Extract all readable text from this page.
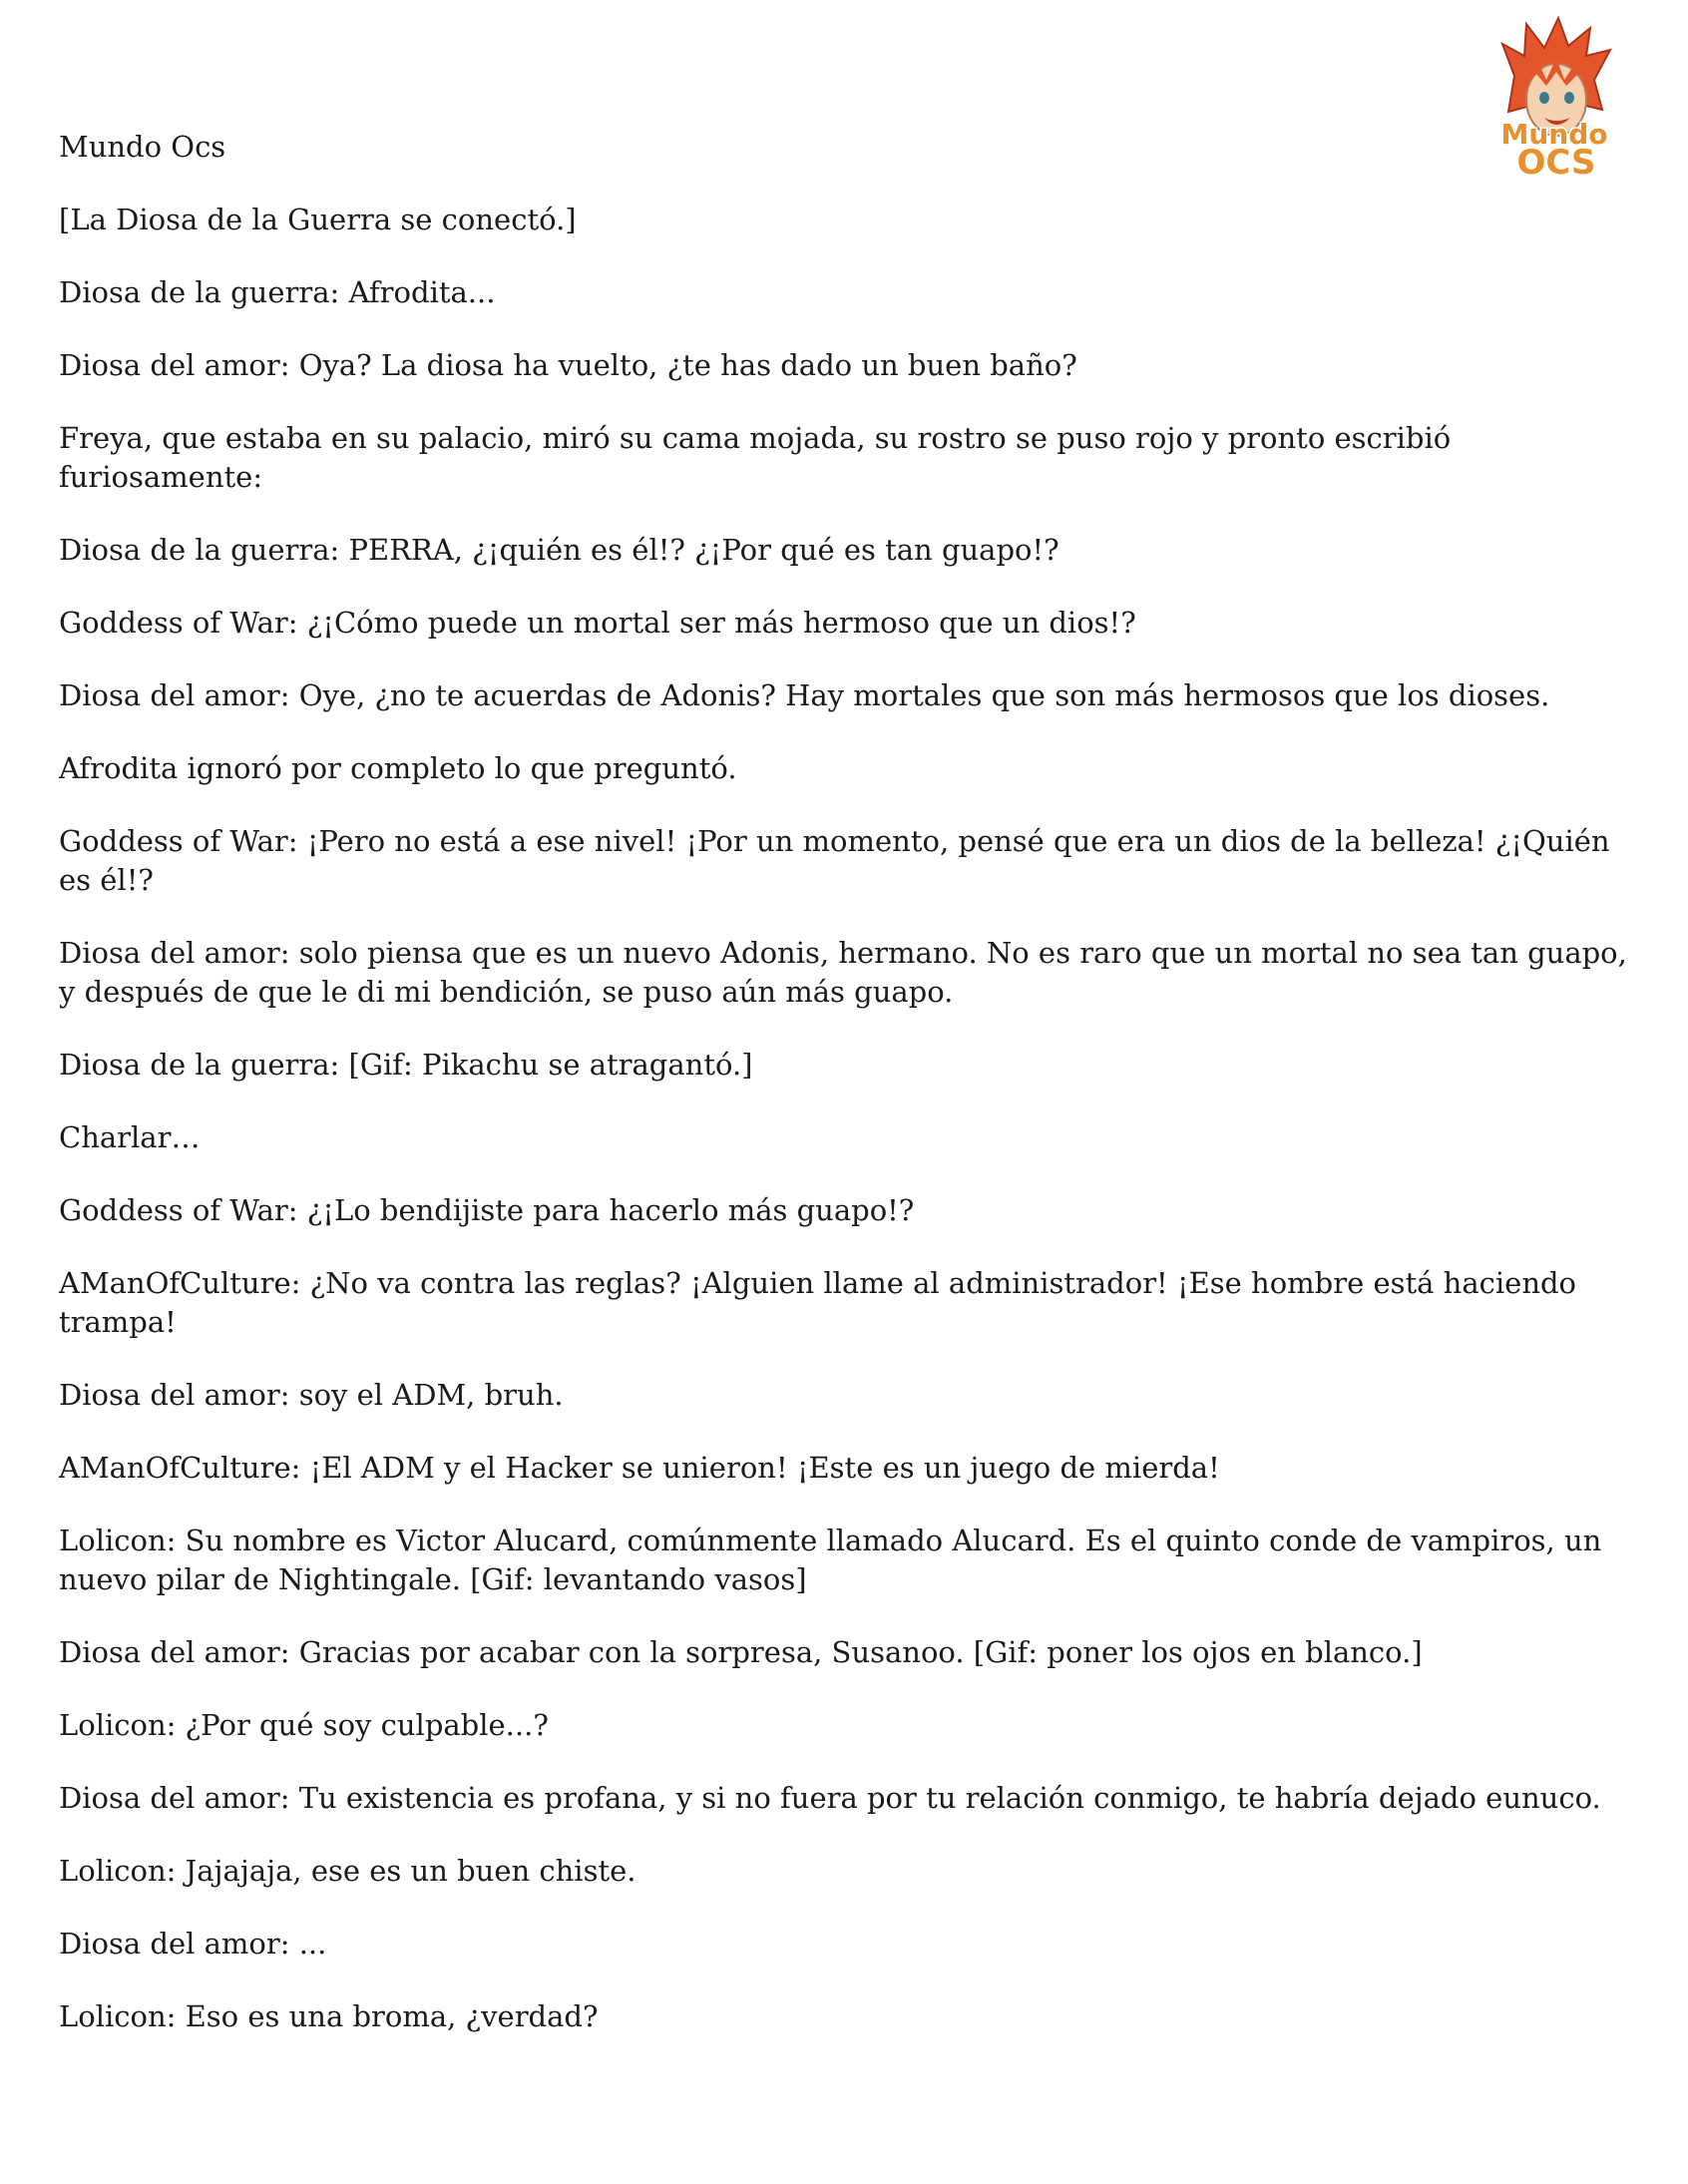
Mundo
OCS

Mundo Ocs

[La Diosa de la Guerra se conectó.]

Diosa de la guerra: Afrodita...

Diosa del amor: Oya? La diosa ha vuelto, ¿te has dado un buen baño?

Freya, que estaba en su palacio, miró su cama mojada, su rostro se puso rojo y pronto escribió furiosamente:

Diosa de la guerra: PERRA, ¿¡quién es él!? ¿¡Por qué es tan guapo!?

Goddess of War: ¿¡Cómo puede un mortal ser más hermoso que un dios!?

Diosa del amor: Oye, ¿no te acuerdas de Adonis? Hay mortales que son más hermosos que los dioses.

Afrodita ignoró por completo lo que preguntó.

Goddess of War: ¡Pero no está a ese nivel! ¡Por un momento, pensé que era un dios de la belleza! ¿¡Quién es él!?

Diosa del amor: solo piensa que es un nuevo Adonis, hermano. No es raro que un mortal no sea tan guapo, y después de que le di mi bendición, se puso aún más guapo.

Diosa de la guerra: [Gif: Pikachu se atragantó.]

Charlar…

Goddess of War: ¿¡Lo bendijiste para hacerlo más guapo!?

AManOfCulture: ¿No va contra las reglas? ¡Alguien llame al administrador! ¡Ese hombre está haciendo trampa!

Diosa del amor: soy el ADM, bruh.

AManOfCulture: ¡El ADM y el Hacker se unieron! ¡Este es un juego de mierda!

Lolicon: Su nombre es Victor Alucard, comúnmente llamado Alucard. Es el quinto conde de vampiros, un nuevo pilar de Nightingale. [Gif: levantando vasos]

Diosa del amor: Gracias por acabar con la sorpresa, Susanoo. [Gif: poner los ojos en blanco.]

Lolicon: ¿Por qué soy culpable...?

Diosa del amor: Tu existencia es profana, y si no fuera por tu relación conmigo, te habría dejado eunuco.

Lolicon: Jajajaja, ese es un buen chiste.

Diosa del amor: ...

Lolicon: Eso es una broma, ¿verdad?
